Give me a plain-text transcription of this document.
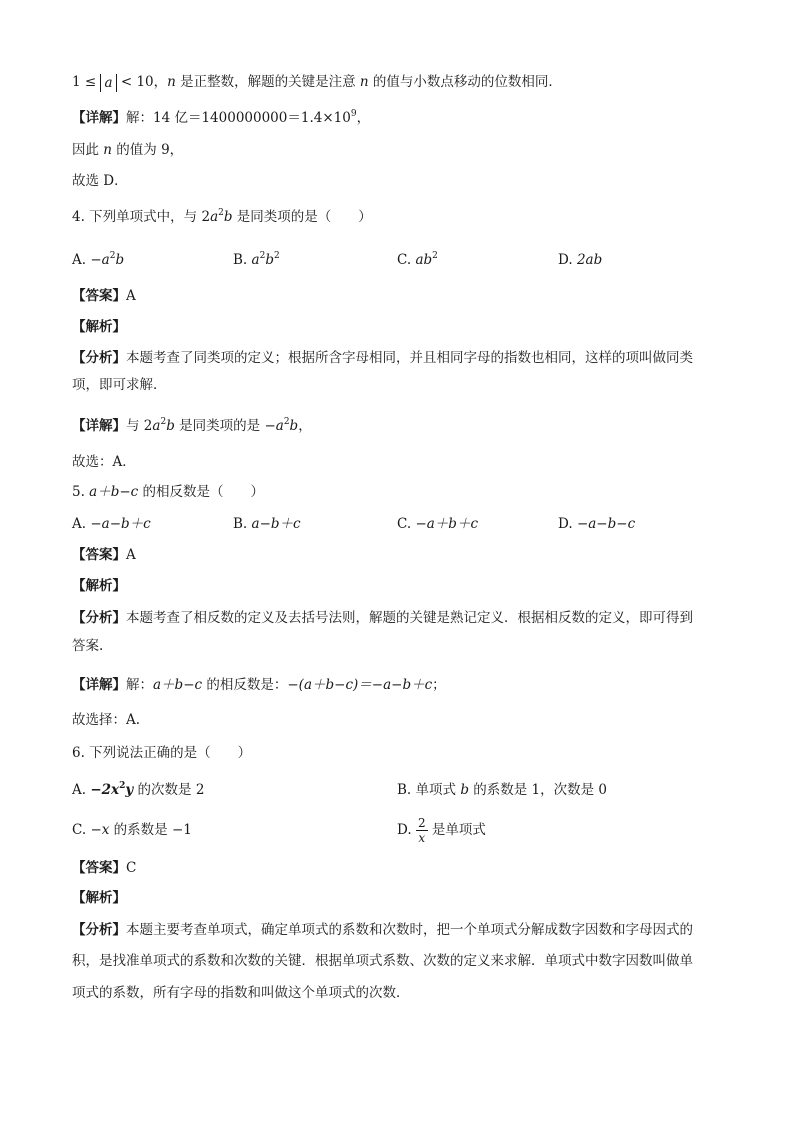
1 ≤ a < 10，n 是正整数，解题的关键是注意 n 的值与小数点移动的位数相同．
【详解】解：14 亿$=1400000000=1.4\times 10^9$，
因此 n 的值为 9，
故选 D．
4. 下列单项式中，与 $2a^2b$ 是同类项的是（　　）
A. $-a^2b$	B. $a^2b^2$	C. $ab^2$	D. 2ab
【答案】A
【解析】
【分析】本题考查了同类项的定义；根据所含字母相同，并且相同字母的指数也相同，这样的项叫做同类
项，即可求解．
【详解】与 $2a^2b$ 是同类项的是 $-a^2b$，
故选：A．
5. a＋b−c 的相反数是（　　）
A. −a−b＋c	B. a−b＋c	C. −a＋b＋c	D. −a−b−c
【答案】A
【解析】
【分析】本题考查了相反数的定义及去括号法则，解题的关键是熟记定义．根据相反数的定义，即可得到
答案.
【详解】解：a＋b−c 的相反数是：−(a＋b−c)＝−a−b＋c；
故选择：A.
6. 下列说法正确的是（　　）
A. $-2x^2y$ 的次数是 2	B. 单项式 b 的系数是 1，次数是 0
C. −x 的系数是 −1	D. $\frac{2}{x}$ 是单项式
【答案】C
【解析】
【分析】本题主要考查单项式，确定单项式的系数和次数时，把一个单项式分解成数字因数和字母因式的
积，是找准单项式的系数和次数的关键．根据单项式系数、次数的定义来求解．单项式中数字因数叫做单
项式的系数，所有字母的指数和叫做这个单项式的次数．
